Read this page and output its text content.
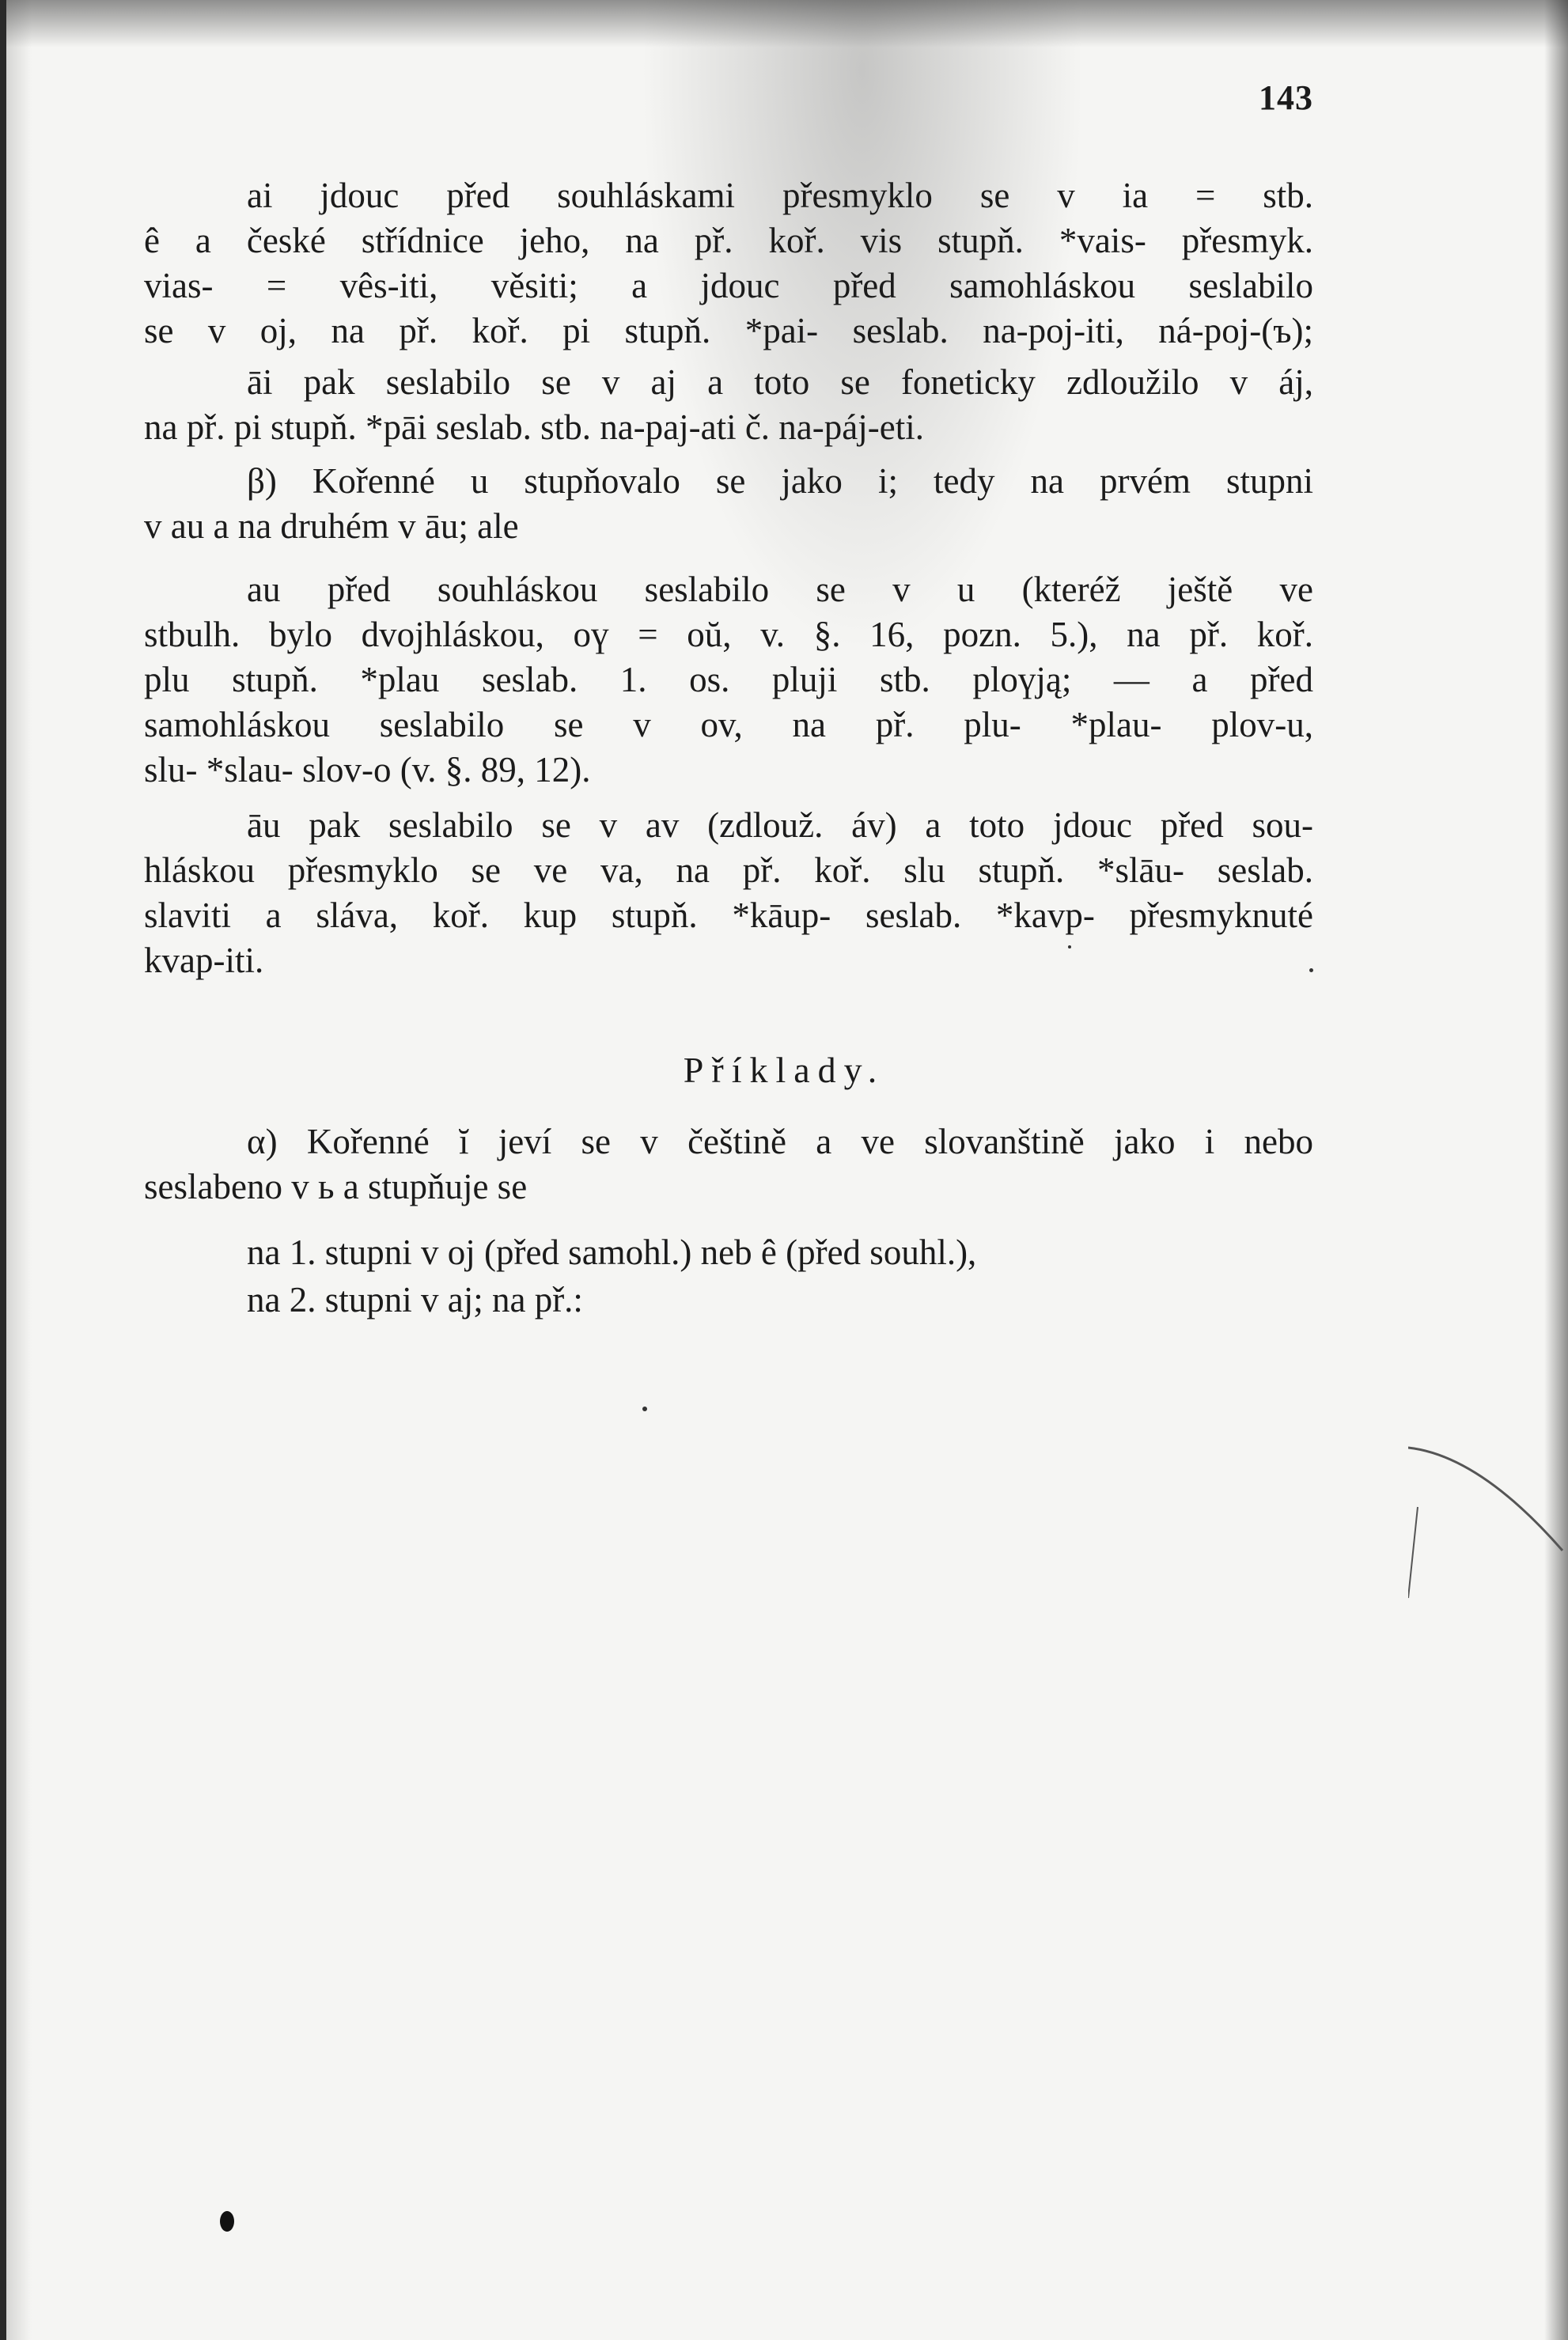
143
ai jdouc před souhláskami přesmyklo se v ia = stb.
ê a české střídnice jeho, na př. koř. vis stupň. *vais- přesmyk.
vias- = vês-iti, věsiti; a jdouc před samohláskou seslabilo
se v oj, na př. koř. pi stupň. *pai- seslab. na-poj-iti, ná-poj-(ъ);
āi pak seslabilo se v aj a toto se foneticky zdloužilo v áj,
na př. pi stupň. *pāi seslab. stb. na-paj-ati č. na-páj-eti.
β) Kořenné u stupňovalo se jako i; tedy na prvém stupni
v au a na druhém v āu; ale
au před souhláskou seslabilo se v u (kteréž ještě ve
stbulh. bylo dvojhláskou, оү = oŭ, v. §. 16, pozn. 5.), na př. koř.
plu stupň. *plau seslab. 1. os. pluji stb. plоүją; — a před
samohláskou seslabilo se v ov, na př. plu- *plau- plov-u,
slu- *slau- slov-o (v. §. 89, 12).
āu pak seslabilo se v av (zdlouž. áv) a toto jdouc před sou-
hláskou přesmyklo se ve va, na př. koř. slu stupň. *slāu- seslab.
slaviti a sláva, koř. kup stupň. *kāup- seslab. *kavp- přesmyknuté
kvap-iti.
Příklady.
α) Kořenné ĭ jeví se v češtině a ve slovanštině jako i nebo
seslabeno v ь a stupňuje se
na 1. stupni v oj (před samohl.) neb ê (před souhl.),
na 2. stupni v aj; na př.:
